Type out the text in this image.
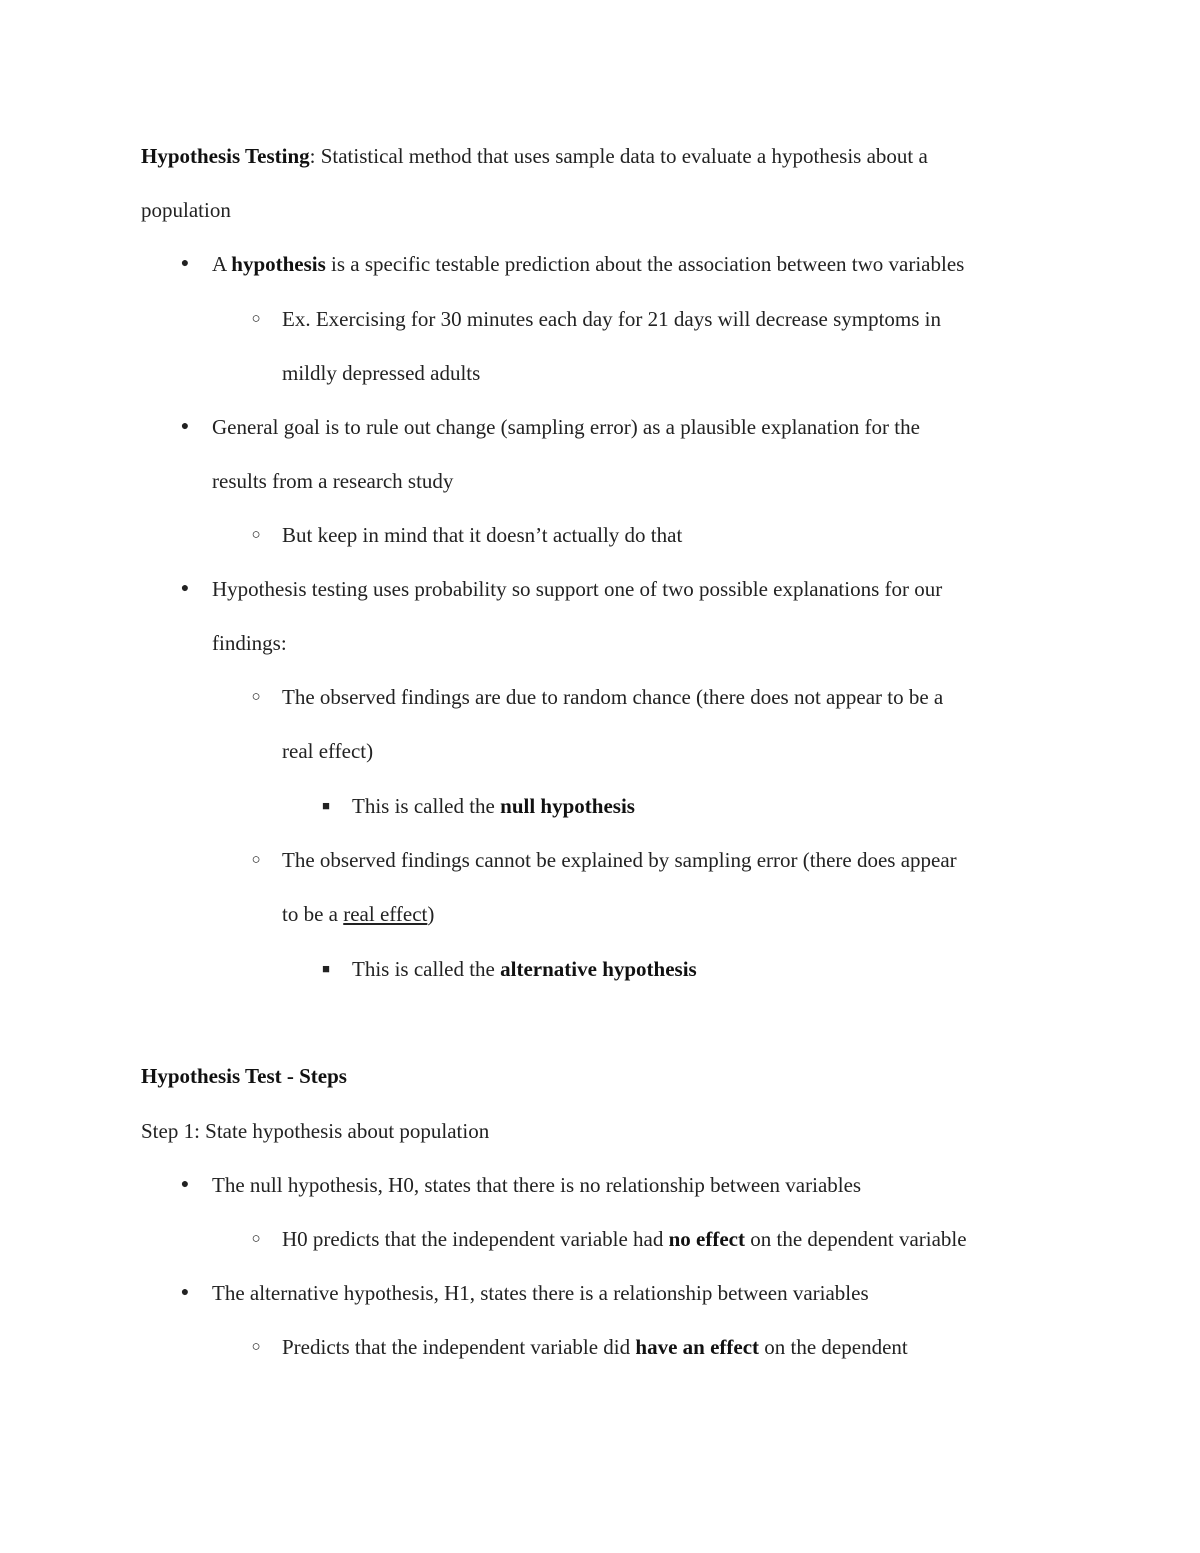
Hypothesis Testing: Statistical method that uses sample data to evaluate a hypothesis about a
population
● A hypothesis is a specific testable prediction about the association between two variables
○ Ex. Exercising for 30 minutes each day for 21 days will decrease symptoms in
mildly depressed adults
● General goal is to rule out change (sampling error) as a plausible explanation for the
results from a research study
○ But keep in mind that it doesn’t actually do that
● Hypothesis testing uses probability so support one of two possible explanations for our
findings:
○ The observed findings are due to random chance (there does not appear to be a
real effect)
■ This is called the null hypothesis
○ The observed findings cannot be explained by sampling error (there does appear
to be a real effect)
■ This is called the alternative hypothesis
Hypothesis Test - Steps
Step 1: State hypothesis about population
● The null hypothesis, H0, states that there is no relationship between variables
○ H0 predicts that the independent variable had no effect on the dependent variable
● The alternative hypothesis, H1, states there is a relationship between variables
○ Predicts that the independent variable did have an effect on the dependent
